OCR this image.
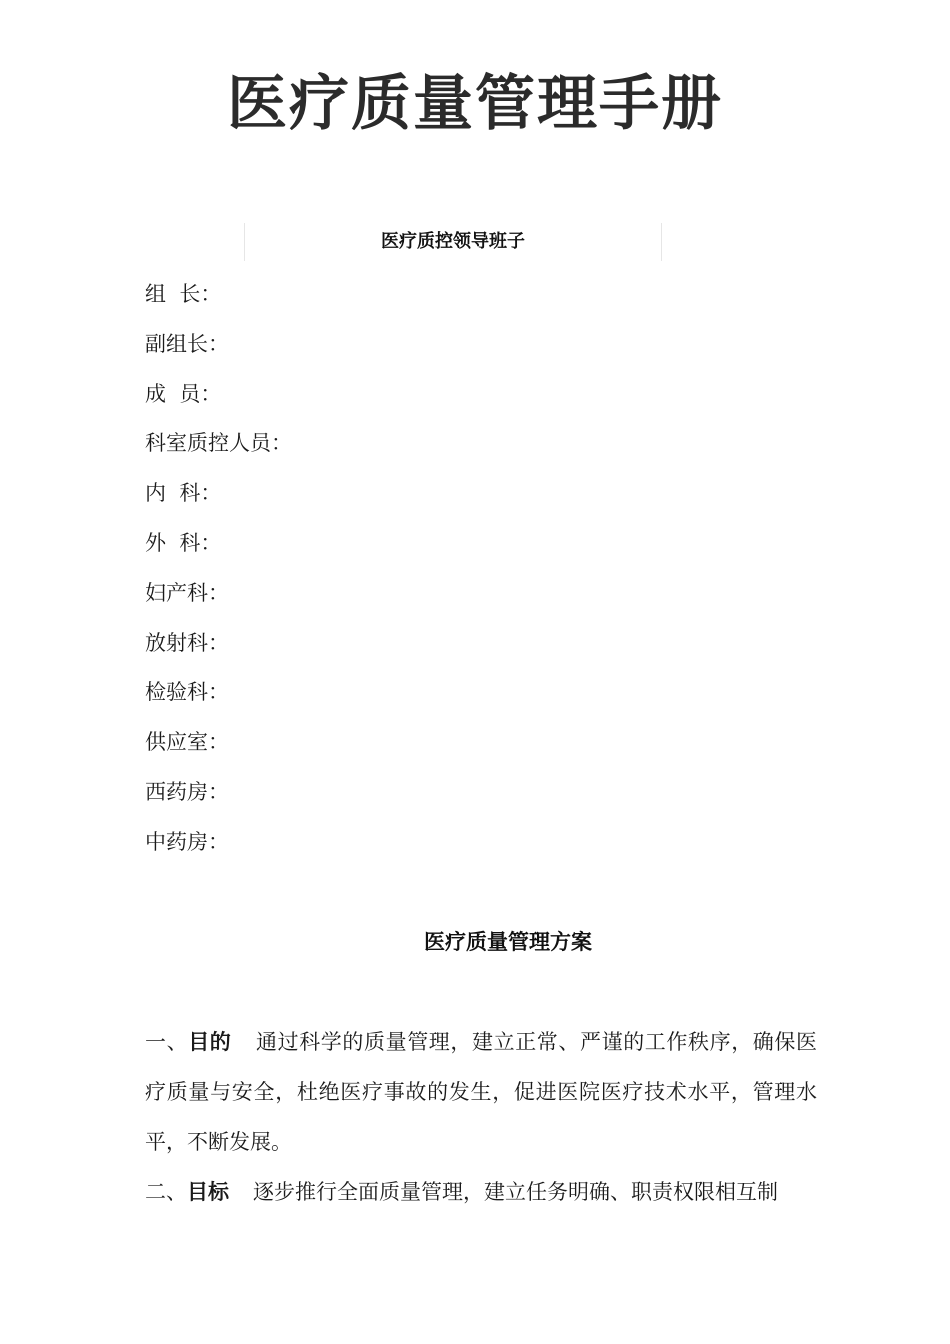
医疗质量管理手册
医疗质控领导班子
组  长：
副组长：
成  员：
科室质控人员：
内  科：
外  科：
妇产科：
放射科：
检验科：
供应室：
西药房：
中药房：
医疗质量管理方案

一、目的 通过科学的质量管理，建立正常、严谨的工作秩序，确保医疗质量与安全，杜绝医疗事故的发生，促进医院医疗技术水平，管理水平，不断发展。

二、目标 逐步推行全面质量管理，建立任务明确、职责权限相互制
